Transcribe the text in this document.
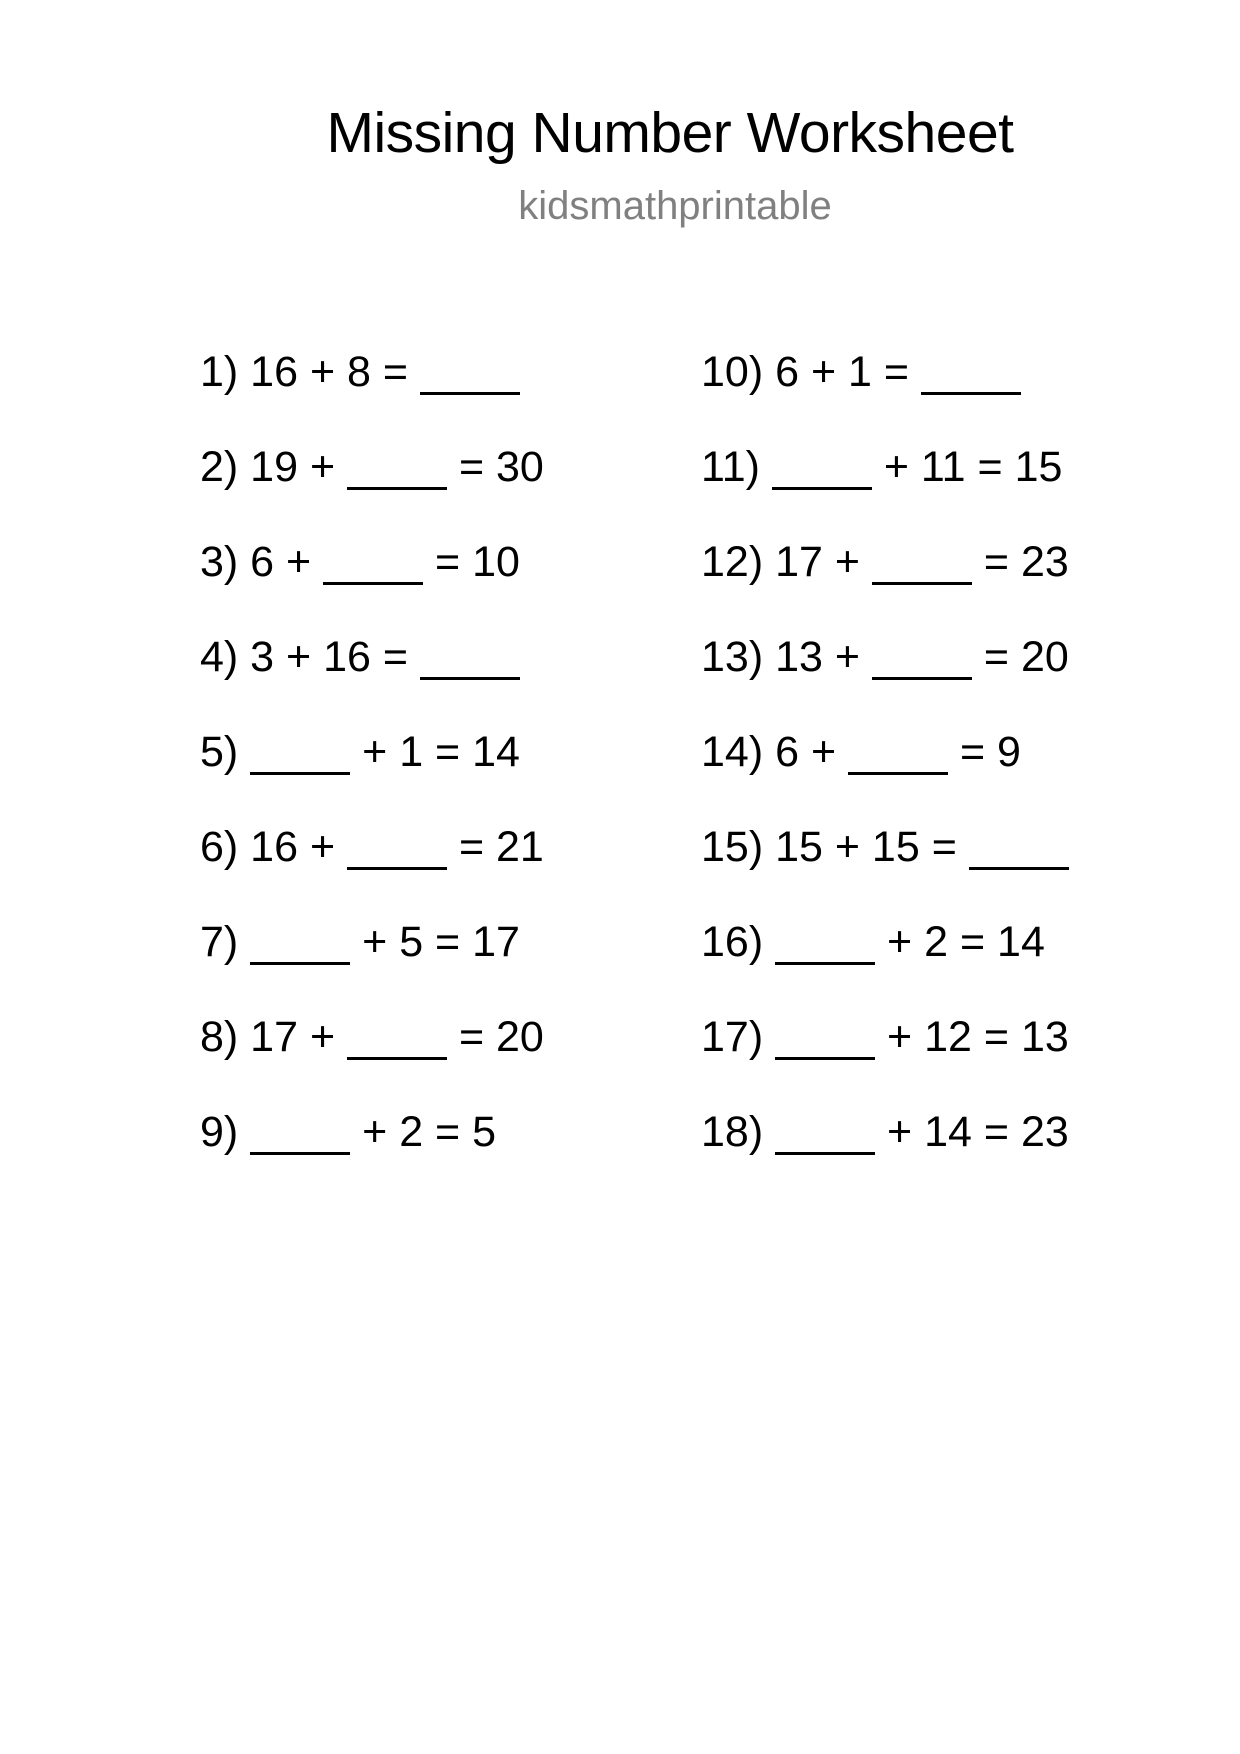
Missing Number Worksheet
kidsmathprintable
1) 16 + 8 =
2) 19 +  = 30
3) 6 +  = 10
4) 3 + 16 =
5)	+ 1 = 14
6) 16 +  = 21
7)	+ 5 = 17
8) 17 +  = 20
9)	+ 2 = 5
10) 6 + 1 =
11)	+ 11 = 15
12) 17 +  = 23
13) 13 +  = 20
14) 6 +  = 9
15) 15 + 15 =
16)	+ 2 = 14
17)	+ 12 = 13
18)	+ 14 = 23
